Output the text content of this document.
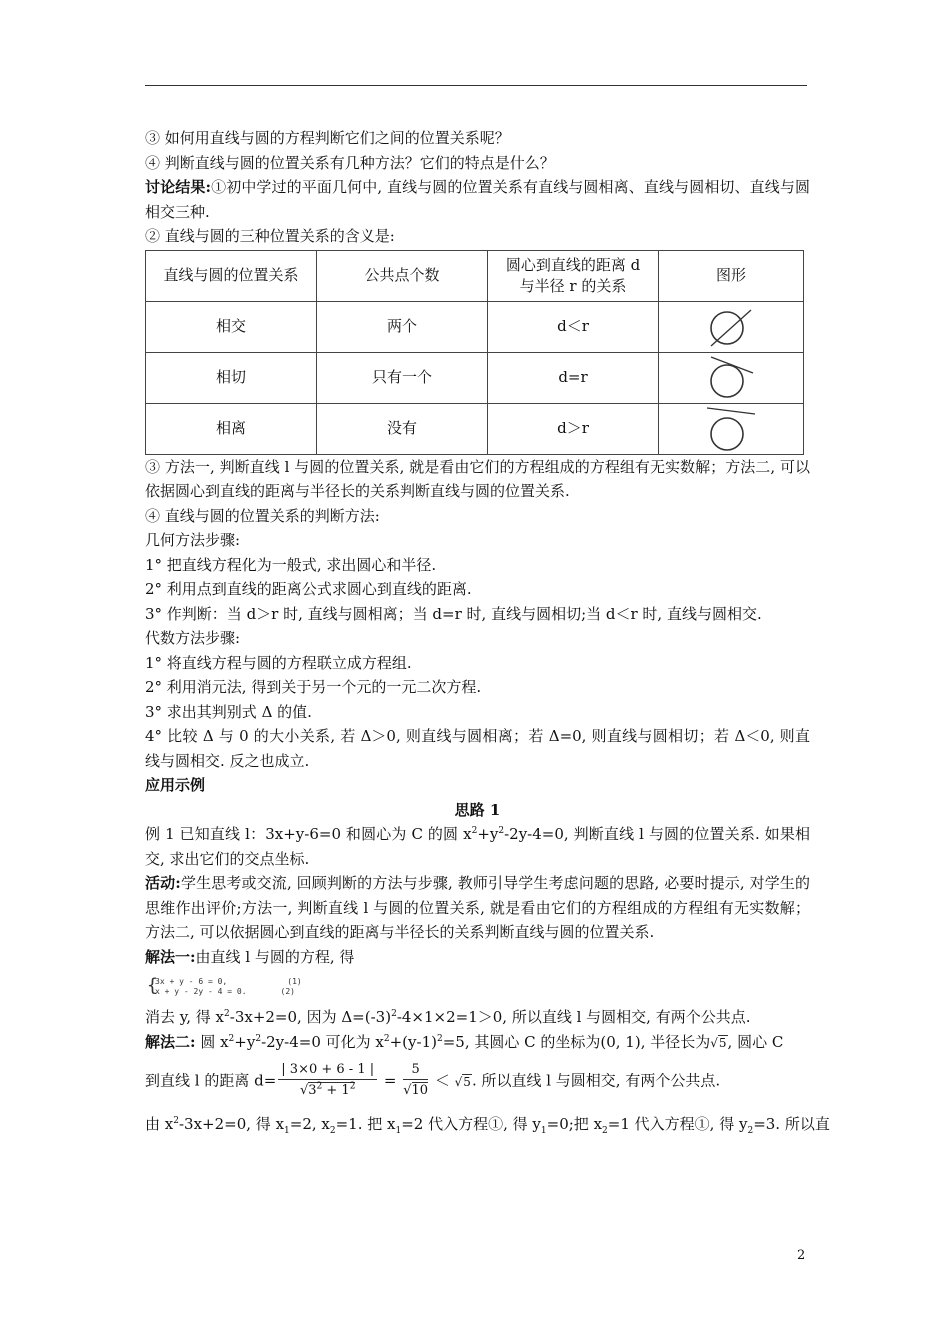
③ 如何用直线与圆的方程判断它们之间的位置关系呢？

④ 判断直线与圆的位置关系有几种方法？它们的特点是什么？

讨论结果:①初中学过的平面几何中, 直线与圆的位置关系有直线与圆相离、直线与圆相切、直线与圆相交三种.

② 直线与圆的三种位置关系的含义是:

直线与圆的位置关系	公共点个数	圆心到直线的距离 d
与半径 r 的关系	图形
相交	两个	d＜r	
相切	只有一个	d=r	
相离	没有	d＞r	

③ 方法一, 判断直线 l 与圆的位置关系, 就是看由它们的方程组成的方程组有无实数解；方法二, 可以依据圆心到直线的距离与半径长的关系判断直线与圆的位置关系.

④ 直线与圆的位置关系的判断方法:

几何方法步骤:

1° 把直线方程化为一般式, 求出圆心和半径.

2° 利用点到直线的距离公式求圆心到直线的距离.

3° 作判断：当 d＞r 时, 直线与圆相离；当 d=r 时, 直线与圆相切;当 d＜r 时, 直线与圆相交.

代数方法步骤:

1° 将直线方程与圆的方程联立成方程组.

2° 利用消元法, 得到关于另一个元的一元二次方程.

3° 求出其判别式 Δ 的值.

4° 比较 Δ 与 0 的大小关系, 若 Δ＞0, 则直线与圆相离；若 Δ=0, 则直线与圆相切；若 Δ＜0, 则直线与圆相交. 反之也成立.

应用示例

思路 1

例 1 已知直线 l：3x+y-6=0 和圆心为 C 的圆 $x^2+y^2-2y-4=0$, 判断直线 l 与圆的位置关系. 如果相交, 求出它们的交点坐标.

活动:学生思考或交流, 回顾判断的方法与步骤, 教师引导学生考虑问题的思路, 必要时提示, 对学生的思维作出评价;方法一, 判断直线 l 与圆的位置关系, 就是看由它们的方程组成的方程组有无实数解；方法二, 可以依据圆心到直线的距离与半径长的关系判断直线与圆的位置关系.

解法一:由直线 l 与圆的方程, 得

{
3x + y - 6 = 0,	(1)
x + y - 2y - 4 = 0.	(2)

消去 y, 得 $x^2-3x+2=0$, 因为 $\Delta=(-3)^2-4\times 1\times 2=1>0$, 所以直线 l 与圆相交, 有两个公共点.

解法二: 圆 $x^2+y^2-2y-4=0$ 可化为 $x^2+(y-1)^2=5$, 其圆心 C 的坐标为(0, 1), 半径长为√5, 圆心 C

到直线 l 的距离 $d= \frac{| 3\times 0 + 6 - 1 |}{√3^2 + 1^2} = \frac{5}{√10} < √5$. 所以直线 l 与圆相交, 有两个公共点.

由 $x^2-3x+2=0$, 得 $x_1=2$, $x_2=1$. 把 $x_1=2$ 代入方程①, 得 $y_1=0$;把 $x_2=1$ 代入方程①, 得 $y_2=3$. 所以直

2
